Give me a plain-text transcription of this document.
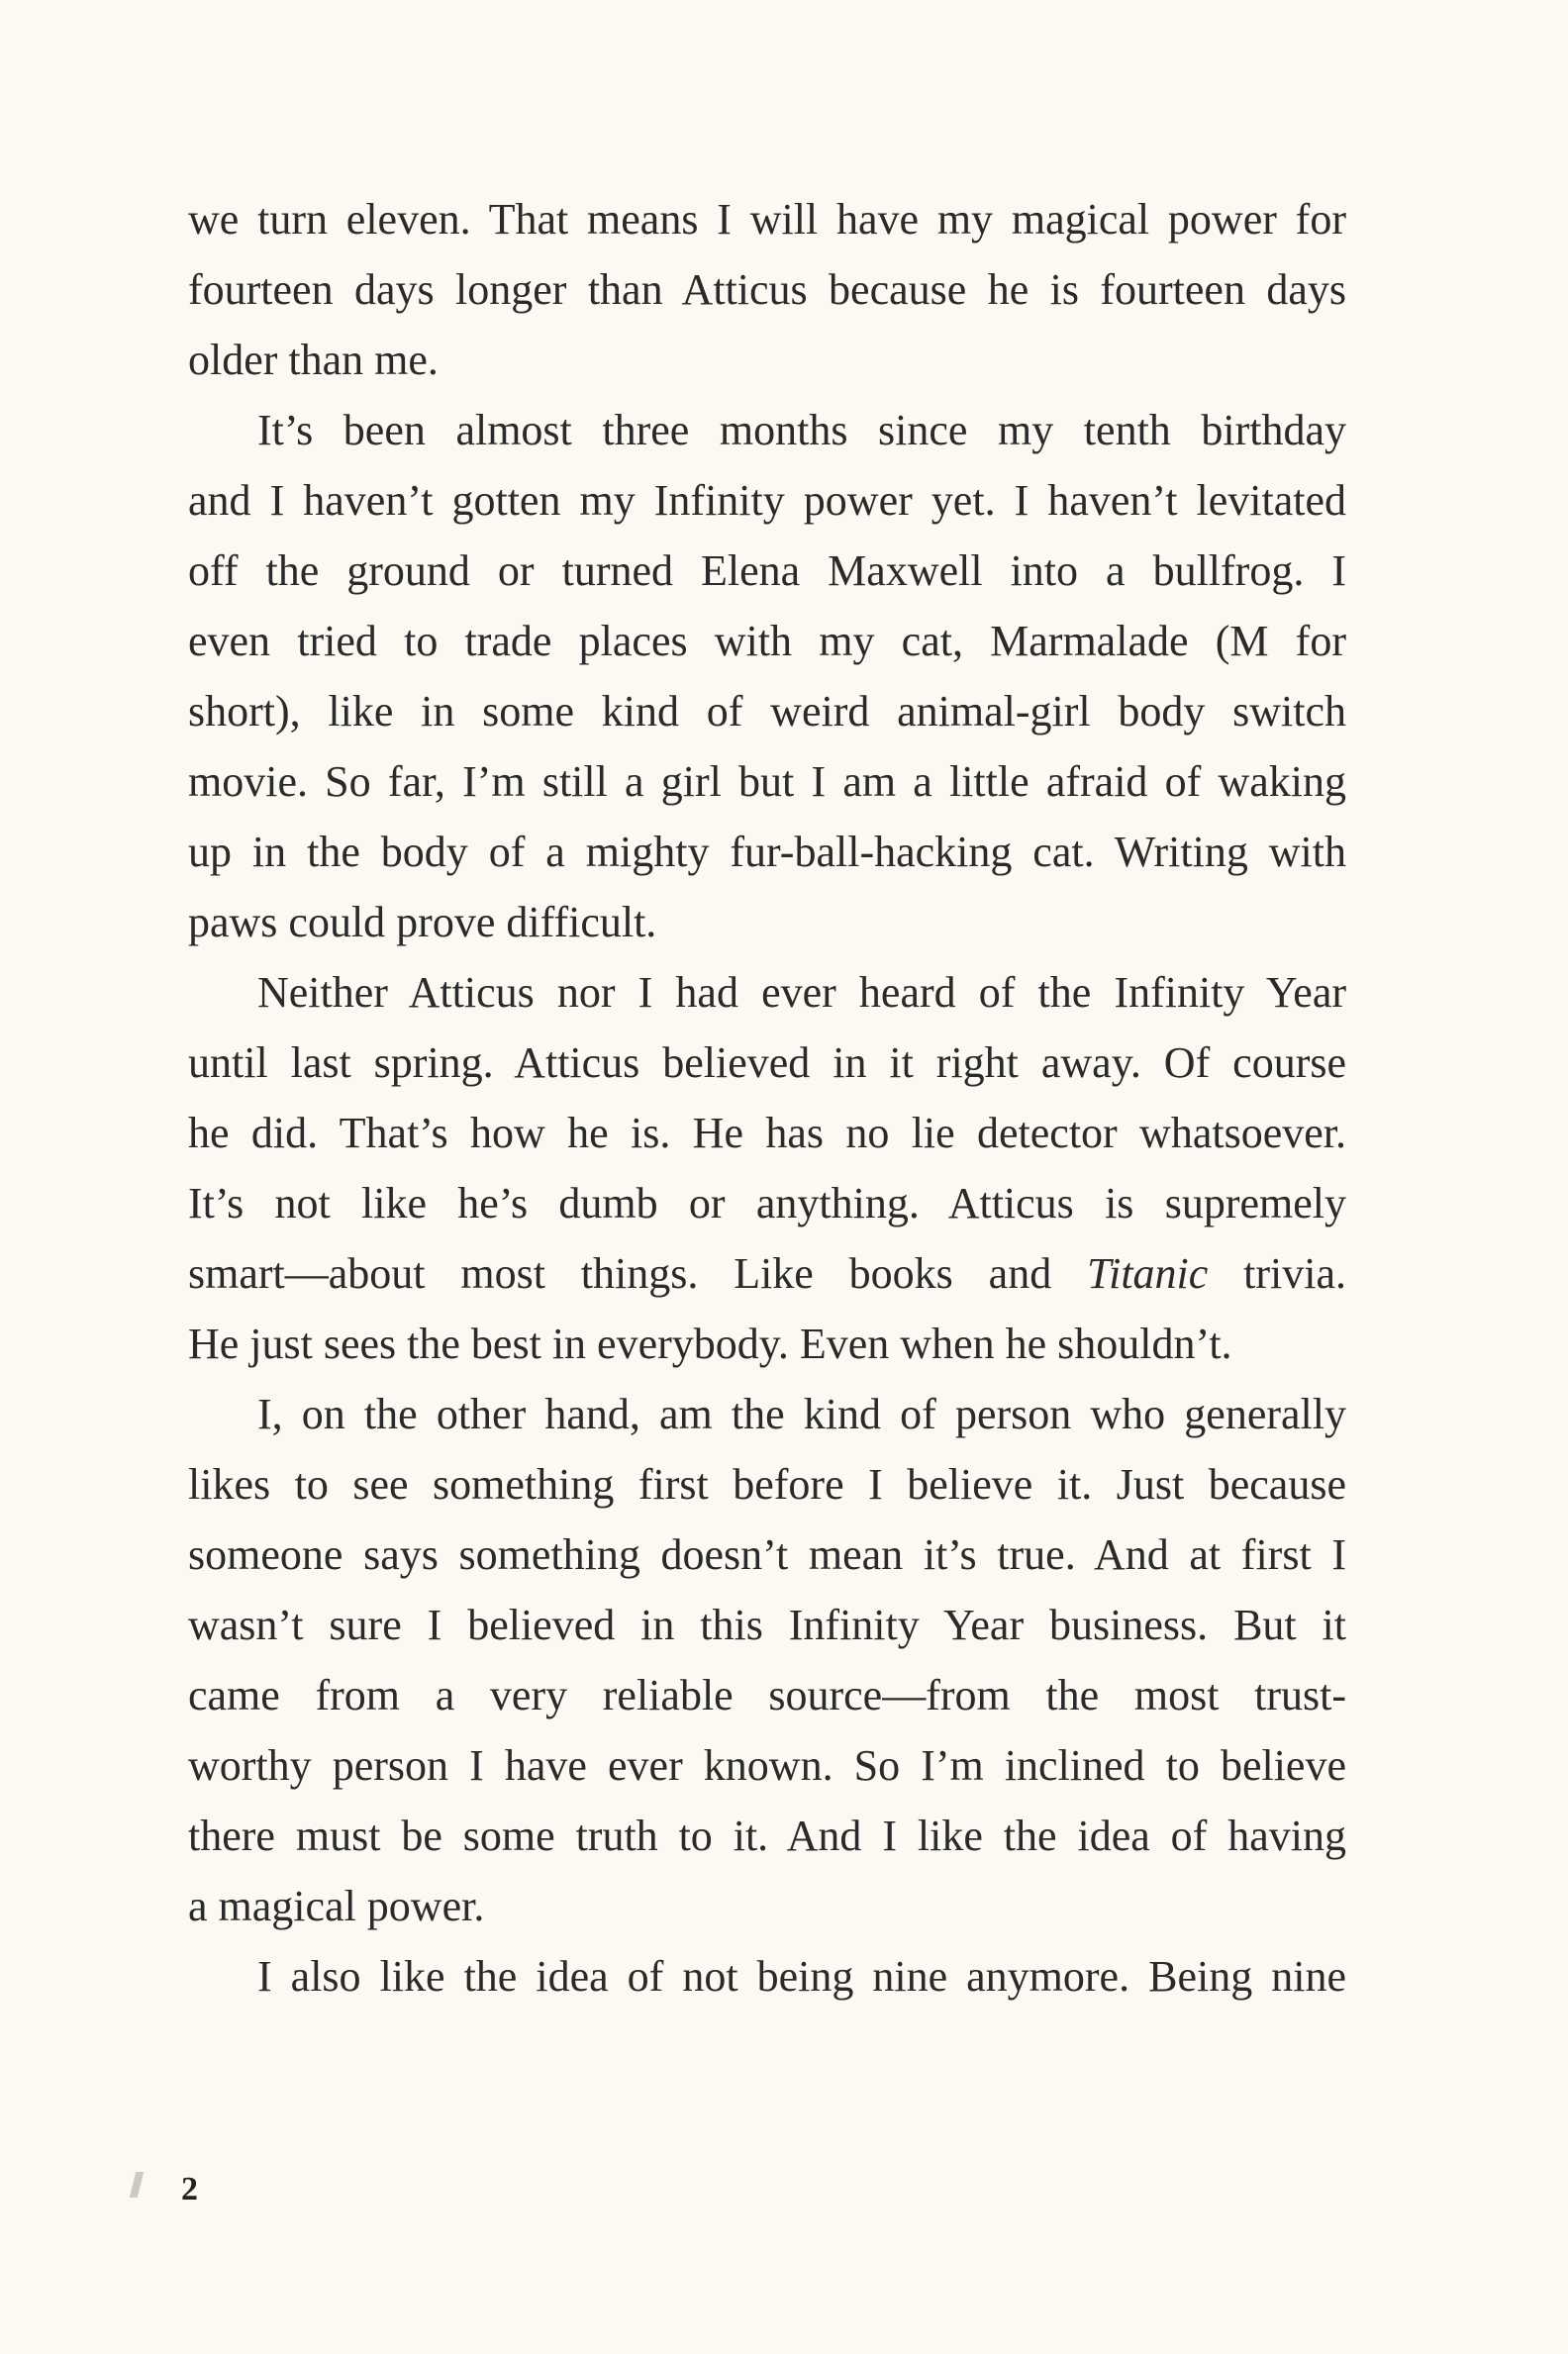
we turn eleven. That means I will have my magical power for
fourteen days longer than Atticus because he is fourteen days
older than me.
It’s been almost three months since my tenth birthday
and I haven’t gotten my Infinity power yet. I haven’t levitated
off the ground or turned Elena Maxwell into a bullfrog. I
even tried to trade places with my cat, Marmalade (M for
short), like in some kind of weird animal-girl body switch
movie. So far, I’m still a girl but I am a little afraid of waking
up in the body of a mighty fur-ball-hacking cat. Writing with
paws could prove difficult.
Neither Atticus nor I had ever heard of the Infinity Year
until last spring. Atticus believed in it right away. Of course
he did. That’s how he is. He has no lie detector whatsoever.
It’s not like he’s dumb or anything. Atticus is supremely
smart—about most things. Like books and Titanic trivia.
He just sees the best in everybody. Even when he shouldn’t.
I, on the other hand, am the kind of person who generally
likes to see something first before I believe it. Just because
someone says something doesn’t mean it’s true. And at first I
wasn’t sure I believed in this Infinity Year business. But it
came from a very reliable source—from the most trust-
worthy person I have ever known. So I’m inclined to believe
there must be some truth to it. And I like the idea of having
a magical power.
I also like the idea of not being nine anymore. Being nine
2
